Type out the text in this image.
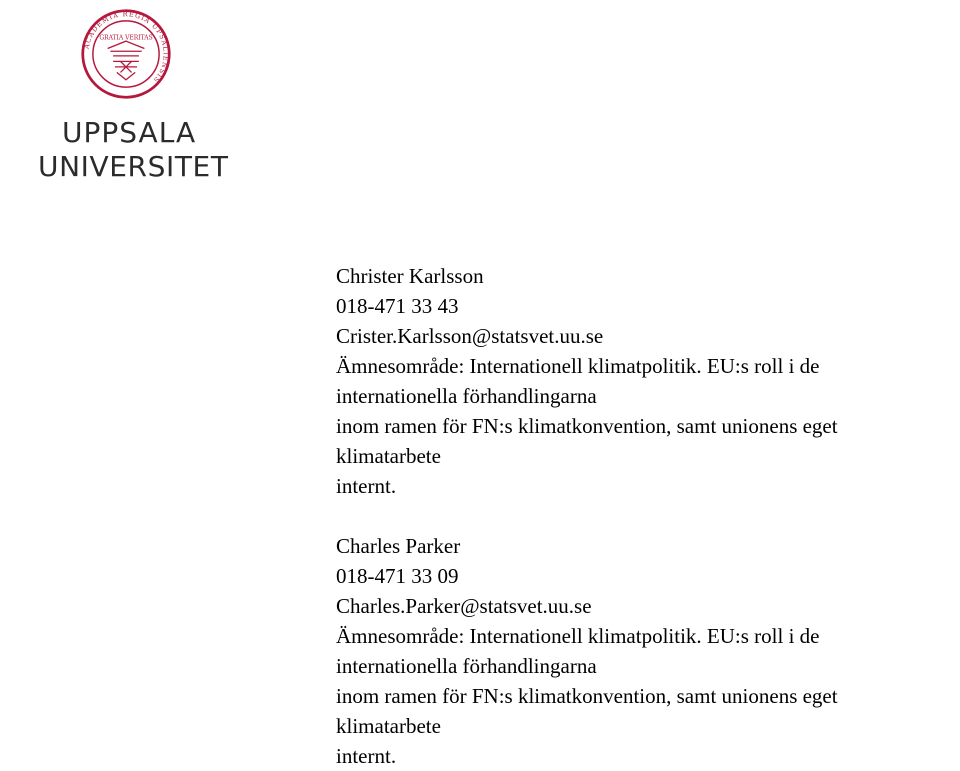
ACADEMIA REGIA UPSALIENSIS
GRATIA VERITAS
UPPSALA
UNIVERSITET
Christer Karlsson
018-471 33 43
Crister.Karlsson@statsvet.uu.se
Ämnesområde: Internationell klimatpolitik. EU:s roll i de
internationella förhandlingarna
inom ramen för FN:s klimatkonvention, samt unionens eget
klimatarbete
internt.
Charles Parker
018-471 33 09
Charles.Parker@statsvet.uu.se
Ämnesområde: Internationell klimatpolitik. EU:s roll i de
internationella förhandlingarna
inom ramen för FN:s klimatkonvention, samt unionens eget
klimatarbete
internt.
